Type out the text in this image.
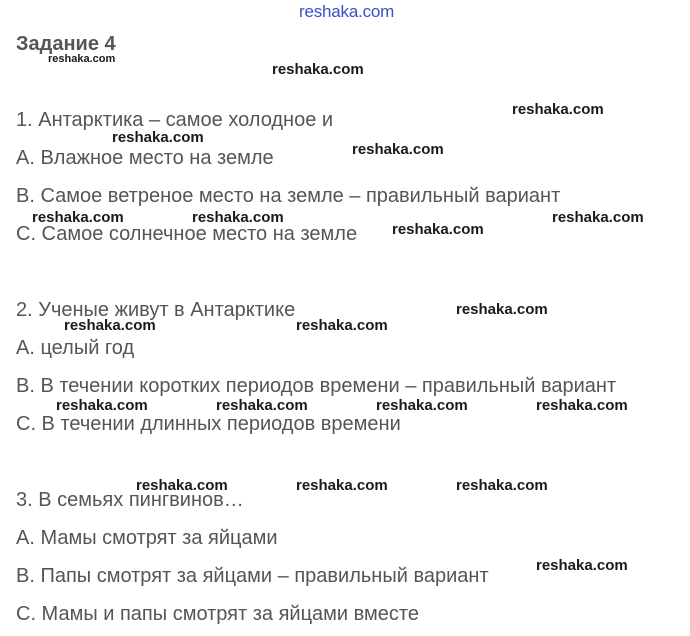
reshaka.com
Задание 4
1. Антарктика – самое холодное и
A. Влажное место на земле
B. Самое ветреное место на земле – правильный вариант
C. Самое солнечное место на земле
2. Ученые живут в Антарктике
A. целый год
B. В течении коротких периодов времени – правильный вариант
C. В течении длинных периодов времени
3. В семьях пингвинов…
A. Мамы смотрят за яйцами
B. Папы смотрят за яйцами – правильный вариант
C. Мамы и папы смотрят за яйцами вместе
reshaka.com
reshaka.com
reshaka.com
reshaka.com
reshaka.com
reshaka.com	reshaka.com	reshaka.com
reshaka.com
reshaka.com
reshaka.com	reshaka.com
reshaka.com	reshaka.com	reshaka.com	reshaka.com
reshaka.com	reshaka.com	reshaka.com
reshaka.com
